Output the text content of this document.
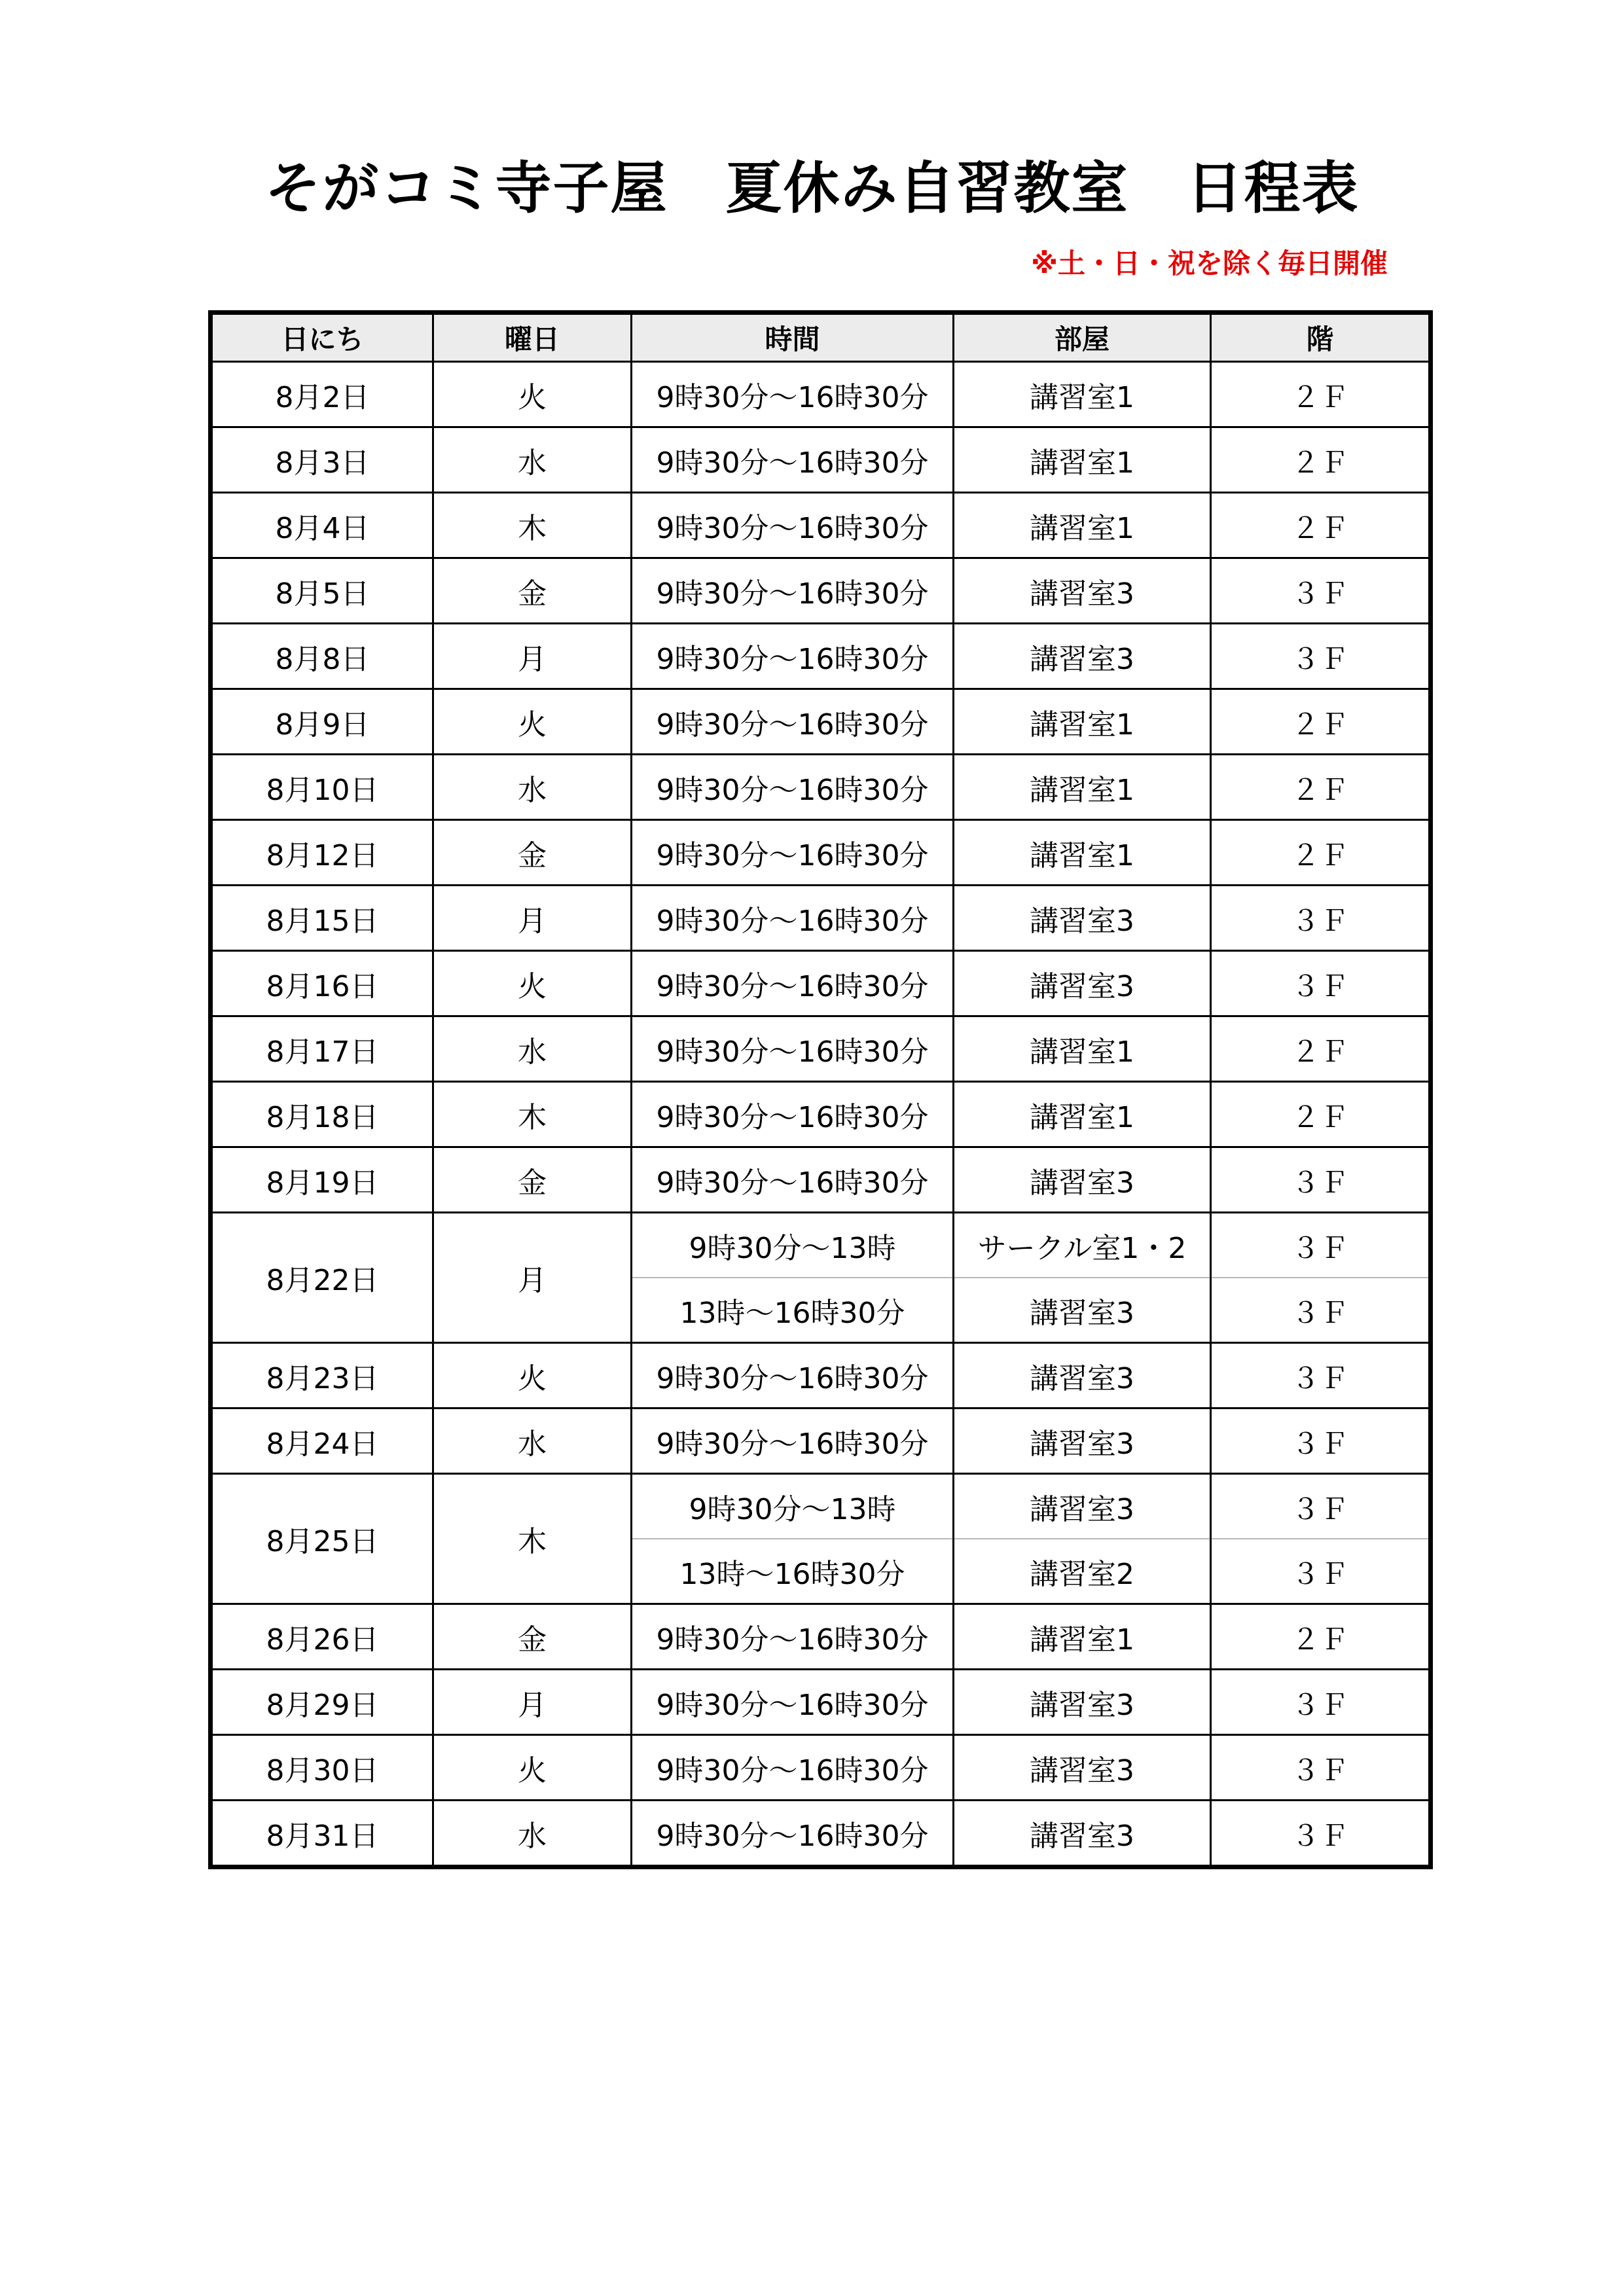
そがコミ寺子屋　夏休み自習教室　日程表
※土・日・祝を除く毎日開催
日にち	曜日	時間	部屋	階
8月2日	火	9時30分～16時30分	講習室1	２Ｆ
8月3日	水	9時30分～16時30分	講習室1	２Ｆ
8月4日	木	9時30分～16時30分	講習室1	２Ｆ
8月5日	金	9時30分～16時30分	講習室3	３Ｆ
8月8日	月	9時30分～16時30分	講習室3	３Ｆ
8月9日	火	9時30分～16時30分	講習室1	２Ｆ
8月10日	水	9時30分～16時30分	講習室1	２Ｆ
8月12日	金	9時30分～16時30分	講習室1	２Ｆ
8月15日	月	9時30分～16時30分	講習室3	３Ｆ
8月16日	火	9時30分～16時30分	講習室3	３Ｆ
8月17日	水	9時30分～16時30分	講習室1	２Ｆ
8月18日	木	9時30分～16時30分	講習室1	２Ｆ
8月19日	金	9時30分～16時30分	講習室3	３Ｆ
8月22日	月	9時30分～13時	サークル室1・2	３Ｆ
		13時～16時30分	講習室3	３Ｆ
8月23日	火	9時30分～16時30分	講習室3	３Ｆ
8月24日	水	9時30分～16時30分	講習室3	３Ｆ
8月25日	木	9時30分～13時	講習室3	３Ｆ
		13時～16時30分	講習室2	３Ｆ
8月26日	金	9時30分～16時30分	講習室1	２Ｆ
8月29日	月	9時30分～16時30分	講習室3	３Ｆ
8月30日	火	9時30分～16時30分	講習室3	３Ｆ
8月31日	水	9時30分～16時30分	講習室3	３Ｆ
